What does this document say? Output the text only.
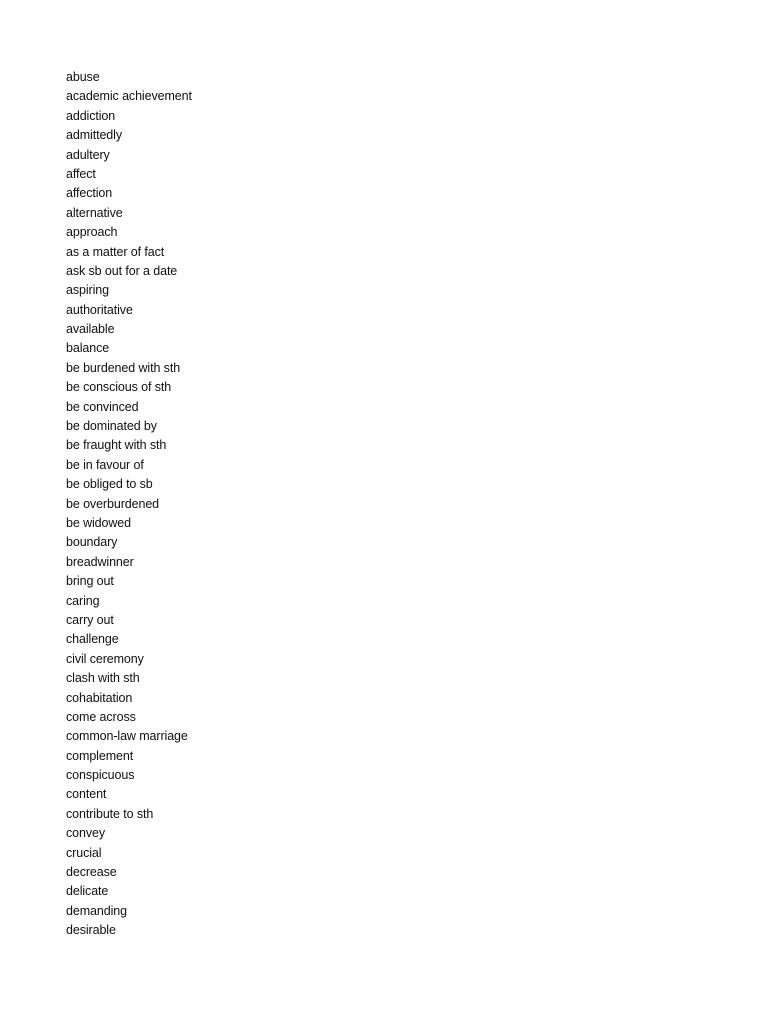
abuse
academic achievement
addiction
admittedly
adultery
affect
affection
alternative
approach
as a matter of fact
ask sb out for a date
aspiring
authoritative
available
balance
be burdened with sth
be conscious of sth
be convinced
be dominated by
be fraught with sth
be in favour of
be obliged to sb
be overburdened
be widowed
boundary
breadwinner
bring out
caring
carry out
challenge
civil ceremony
clash with sth
cohabitation
come across
common-law marriage
complement
conspicuous
content
contribute to sth
convey
crucial
decrease
delicate
demanding
desirable
